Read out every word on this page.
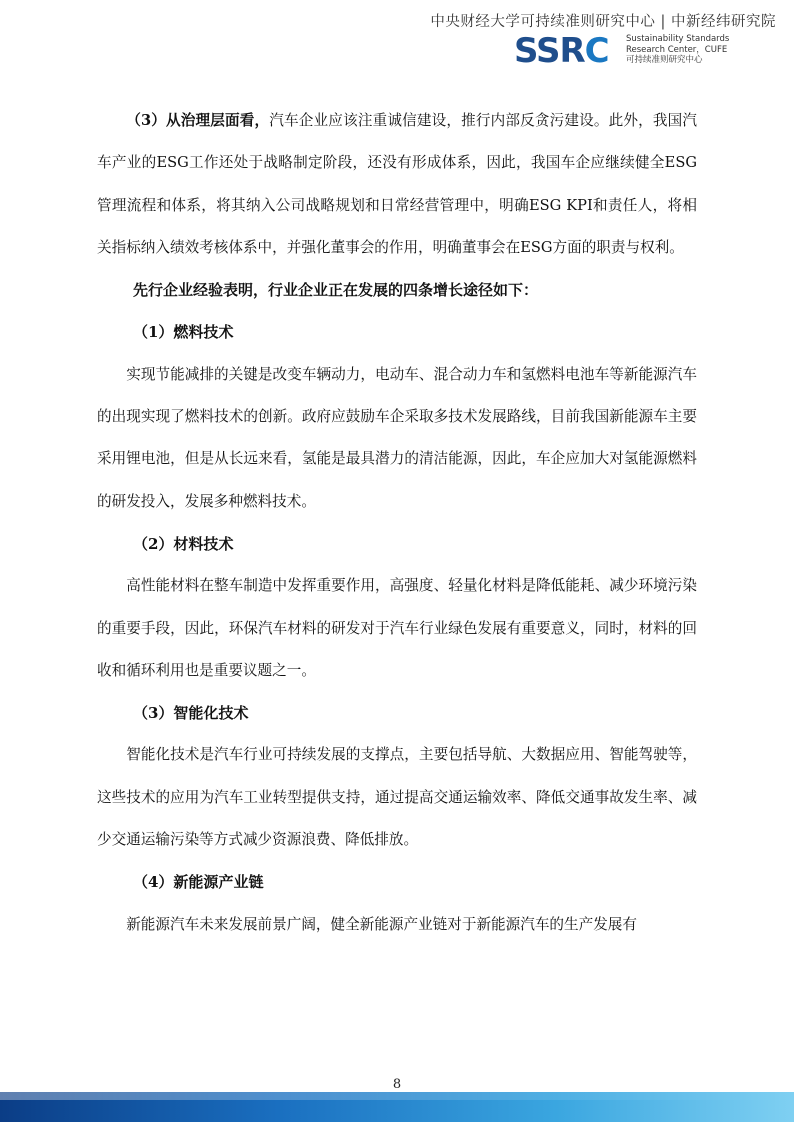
中央财经大学可持续准则研究中心 | 中新经纬研究院
SSRC Sustainability Standards
Research Center，CUFE
可持续准则研究中心

（3）从治理层面看，汽车企业应该注重诚信建设，推行内部反贪污建设。此外，我国汽车产业的ESG工作还处于战略制定阶段，还没有形成体系，因此，我国车企应继续健全ESG管理流程和体系，将其纳入公司战略规划和日常经营管理中，明确ESG KPI和责任人，将相关指标纳入绩效考核体系中，并强化董事会的作用，明确董事会在ESG方面的职责与权利。

先行企业经验表明，行业企业正在发展的四条增长途径如下：

（1）燃料技术

实现节能减排的关键是改变车辆动力，电动车、混合动力车和氢燃料电池车等新能源汽车的出现实现了燃料技术的创新。政府应鼓励车企采取多技术发展路线，目前我国新能源车主要采用锂电池，但是从长远来看，氢能是最具潜力的清洁能源，因此，车企应加大对氢能源燃料的研发投入，发展多种燃料技术。

（2）材料技术

高性能材料在整车制造中发挥重要作用，高强度、轻量化材料是降低能耗、减少环境污染的重要手段，因此，环保汽车材料的研发对于汽车行业绿色发展有重要意义，同时，材料的回收和循环利用也是重要议题之一。

（3）智能化技术

智能化技术是汽车行业可持续发展的支撑点，主要包括导航、大数据应用、智能驾驶等，这些技术的应用为汽车工业转型提供支持，通过提高交通运输效率、降低交通事故发生率、减少交通运输污染等方式减少资源浪费、降低排放。

（4）新能源产业链

新能源汽车未来发展前景广阔，健全新能源产业链对于新能源汽车的生产发展有

8
